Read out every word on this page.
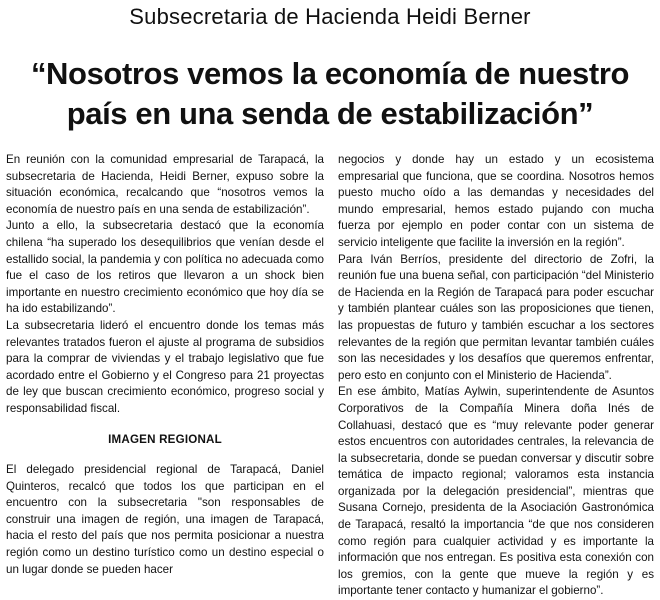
Subsecretaria de Hacienda Heidi Berner
“Nosotros vemos la economía de nuestro
país en una senda de estabilización”

En reunión con la comunidad empresarial de Tarapacá, la subsecretaria de Hacienda, Heidi Berner, expuso sobre la situación económica, recalcando que “nosotros vemos la economía de nuestro país en una senda de estabilización”.

Junto a ello, la subsecretaria destacó que la economía chilena “ha superado los desequilibrios que venían desde el estallido social, la pandemia y con política no adecuada como fue el caso de los retiros que llevaron a un shock bien importante en nuestro crecimiento económico que hoy día se ha ido estabilizando”.

La subsecretaria lideró el encuentro donde los temas más relevantes tratados fueron el ajuste al programa de subsidios para la comprar de viviendas y el trabajo legislativo que fue acordado entre el Gobierno y el Congreso para 21 proyectas de ley que buscan crecimiento económico, progreso social y responsabilidad fiscal.

IMAGEN REGIONAL

El delegado presidencial regional de Tarapacá, Daniel Quinteros, recalcó que todos los que participan en el encuentro con la subsecretaria "son responsables de construir una imagen de región, una imagen de Tarapacá, hacia el resto del país que nos permita posicionar a nuestra región como un destino turístico como un destino especial o un lugar donde se pueden hacer

negocios y donde hay un estado y un ecosistema empresarial que funciona, que se coordina. Nosotros hemos puesto mucho oído a las demandas y necesidades del mundo empresarial, hemos estado pujando con mucha fuerza por ejemplo en poder contar con un sistema de servicio inteligente que facilite la inversión en la región”.

Para Iván Berríos, presidente del directorio de Zofri, la reunión fue una buena señal, con participación “del Ministerio de Hacienda en la Región de Tarapacá para poder escuchar y también plantear cuáles son las proposiciones que tienen, las propuestas de futuro y también escuchar a los sectores relevantes de la región que permitan levantar también cuáles son las necesidades y los desafíos que queremos enfrentar, pero esto en conjunto con el Ministerio de Hacienda”.

En ese ámbito, Matías Aylwin, superintendente de Asuntos Corporativos de la Compañía Minera doña Inés de Collahuasi, destacó que es “muy relevante poder generar estos encuentros con autoridades centrales, la relevancia de la subsecretaria, donde se puedan conversar y discutir sobre temática de impacto regional; valoramos esta instancia organizada por la delegación presidencial”, mientras que Susana Cornejo, presidenta de la Asociación Gastronómica de Tarapacá, resaltó la importancia “de que nos consideren como región para cualquier actividad y es importante la información que nos entregan. Es positiva esta conexión con los gremios, con la gente que mueve la región y es importante tener contacto y humanizar el gobierno”.
